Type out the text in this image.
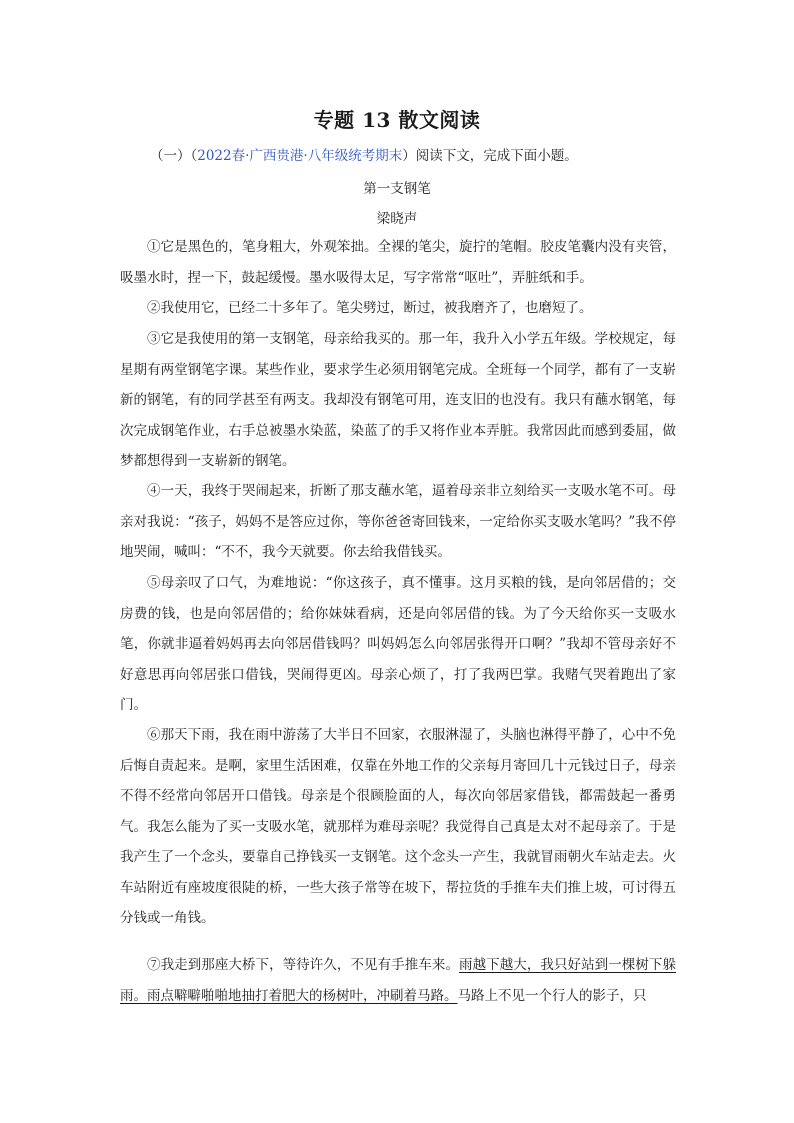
专题 13 散文阅读
（一）（2022春·广西贵港·八年级统考期末）阅读下文，完成下面小题。
第一支钢笔
梁晓声

①它是黑色的，笔身粗大，外观笨拙。全裸的笔尖，旋拧的笔帽。胶皮笔囊内没有夹管，吸墨水时，捏一下，鼓起缓慢。墨水吸得太足，写字常常“呕吐”，弄脏纸和手。

②我使用它，已经二十多年了。笔尖劈过，断过，被我磨齐了，也磨短了。

③它是我使用的第一支钢笔，母亲给我买的。那一年，我升入小学五年级。学校规定，每星期有两堂钢笔字课。某些作业，要求学生必须用钢笔完成。全班每一个同学，都有了一支崭新的钢笔，有的同学甚至有两支。我却没有钢笔可用，连支旧的也没有。我只有蘸水钢笔，每次完成钢笔作业，右手总被墨水染蓝，染蓝了的手又将作业本弄脏。我常因此而感到委屈，做梦都想得到一支崭新的钢笔。

④一天，我终于哭闹起来，折断了那支蘸水笔，逼着母亲非立刻给买一支吸水笔不可。母亲对我说：“孩子，妈妈不是答应过你，等你爸爸寄回钱来，一定给你买支吸水笔吗？”我不停地哭闹，喊叫：“不不，我今天就要。你去给我借钱买。

⑤母亲叹了口气，为难地说：“你这孩子，真不懂事。这月买粮的钱，是向邻居借的；交房费的钱，也是向邻居借的；给你妹妹看病，还是向邻居借的钱。为了今天给你买一支吸水笔，你就非逼着妈妈再去向邻居借钱吗？叫妈妈怎么向邻居张得开口啊？”我却不管母亲好不好意思再向邻居张口借钱，哭闹得更凶。母亲心烦了，打了我两巴掌。我赌气哭着跑出了家门。

⑥那天下雨，我在雨中游荡了大半日不回家，衣服淋湿了，头脑也淋得平静了，心中不免后悔自责起来。是啊，家里生活困难，仅靠在外地工作的父亲每月寄回几十元钱过日子，母亲不得不经常向邻居开口借钱。母亲是个很顾脸面的人，每次向邻居家借钱，都需鼓起一番勇气。我怎么能为了买一支吸水笔，就那样为难母亲呢？我觉得自己真是太对不起母亲了。于是我产生了一个念头，要靠自己挣钱买一支钢笔。这个念头一产生，我就冒雨朝火车站走去。火车站附近有座坡度很陡的桥，一些大孩子常等在坡下，帮拉货的手推车夫们推上坡，可讨得五分钱或一角钱。

⑦我走到那座大桥下，等待许久，不见有手推车来。雨越下越大，我只好站到一棵树下躲雨。雨点噼噼啪啪地抽打着肥大的杨树叶，冲刷着马路。马路上不见一个行人的影子，只
